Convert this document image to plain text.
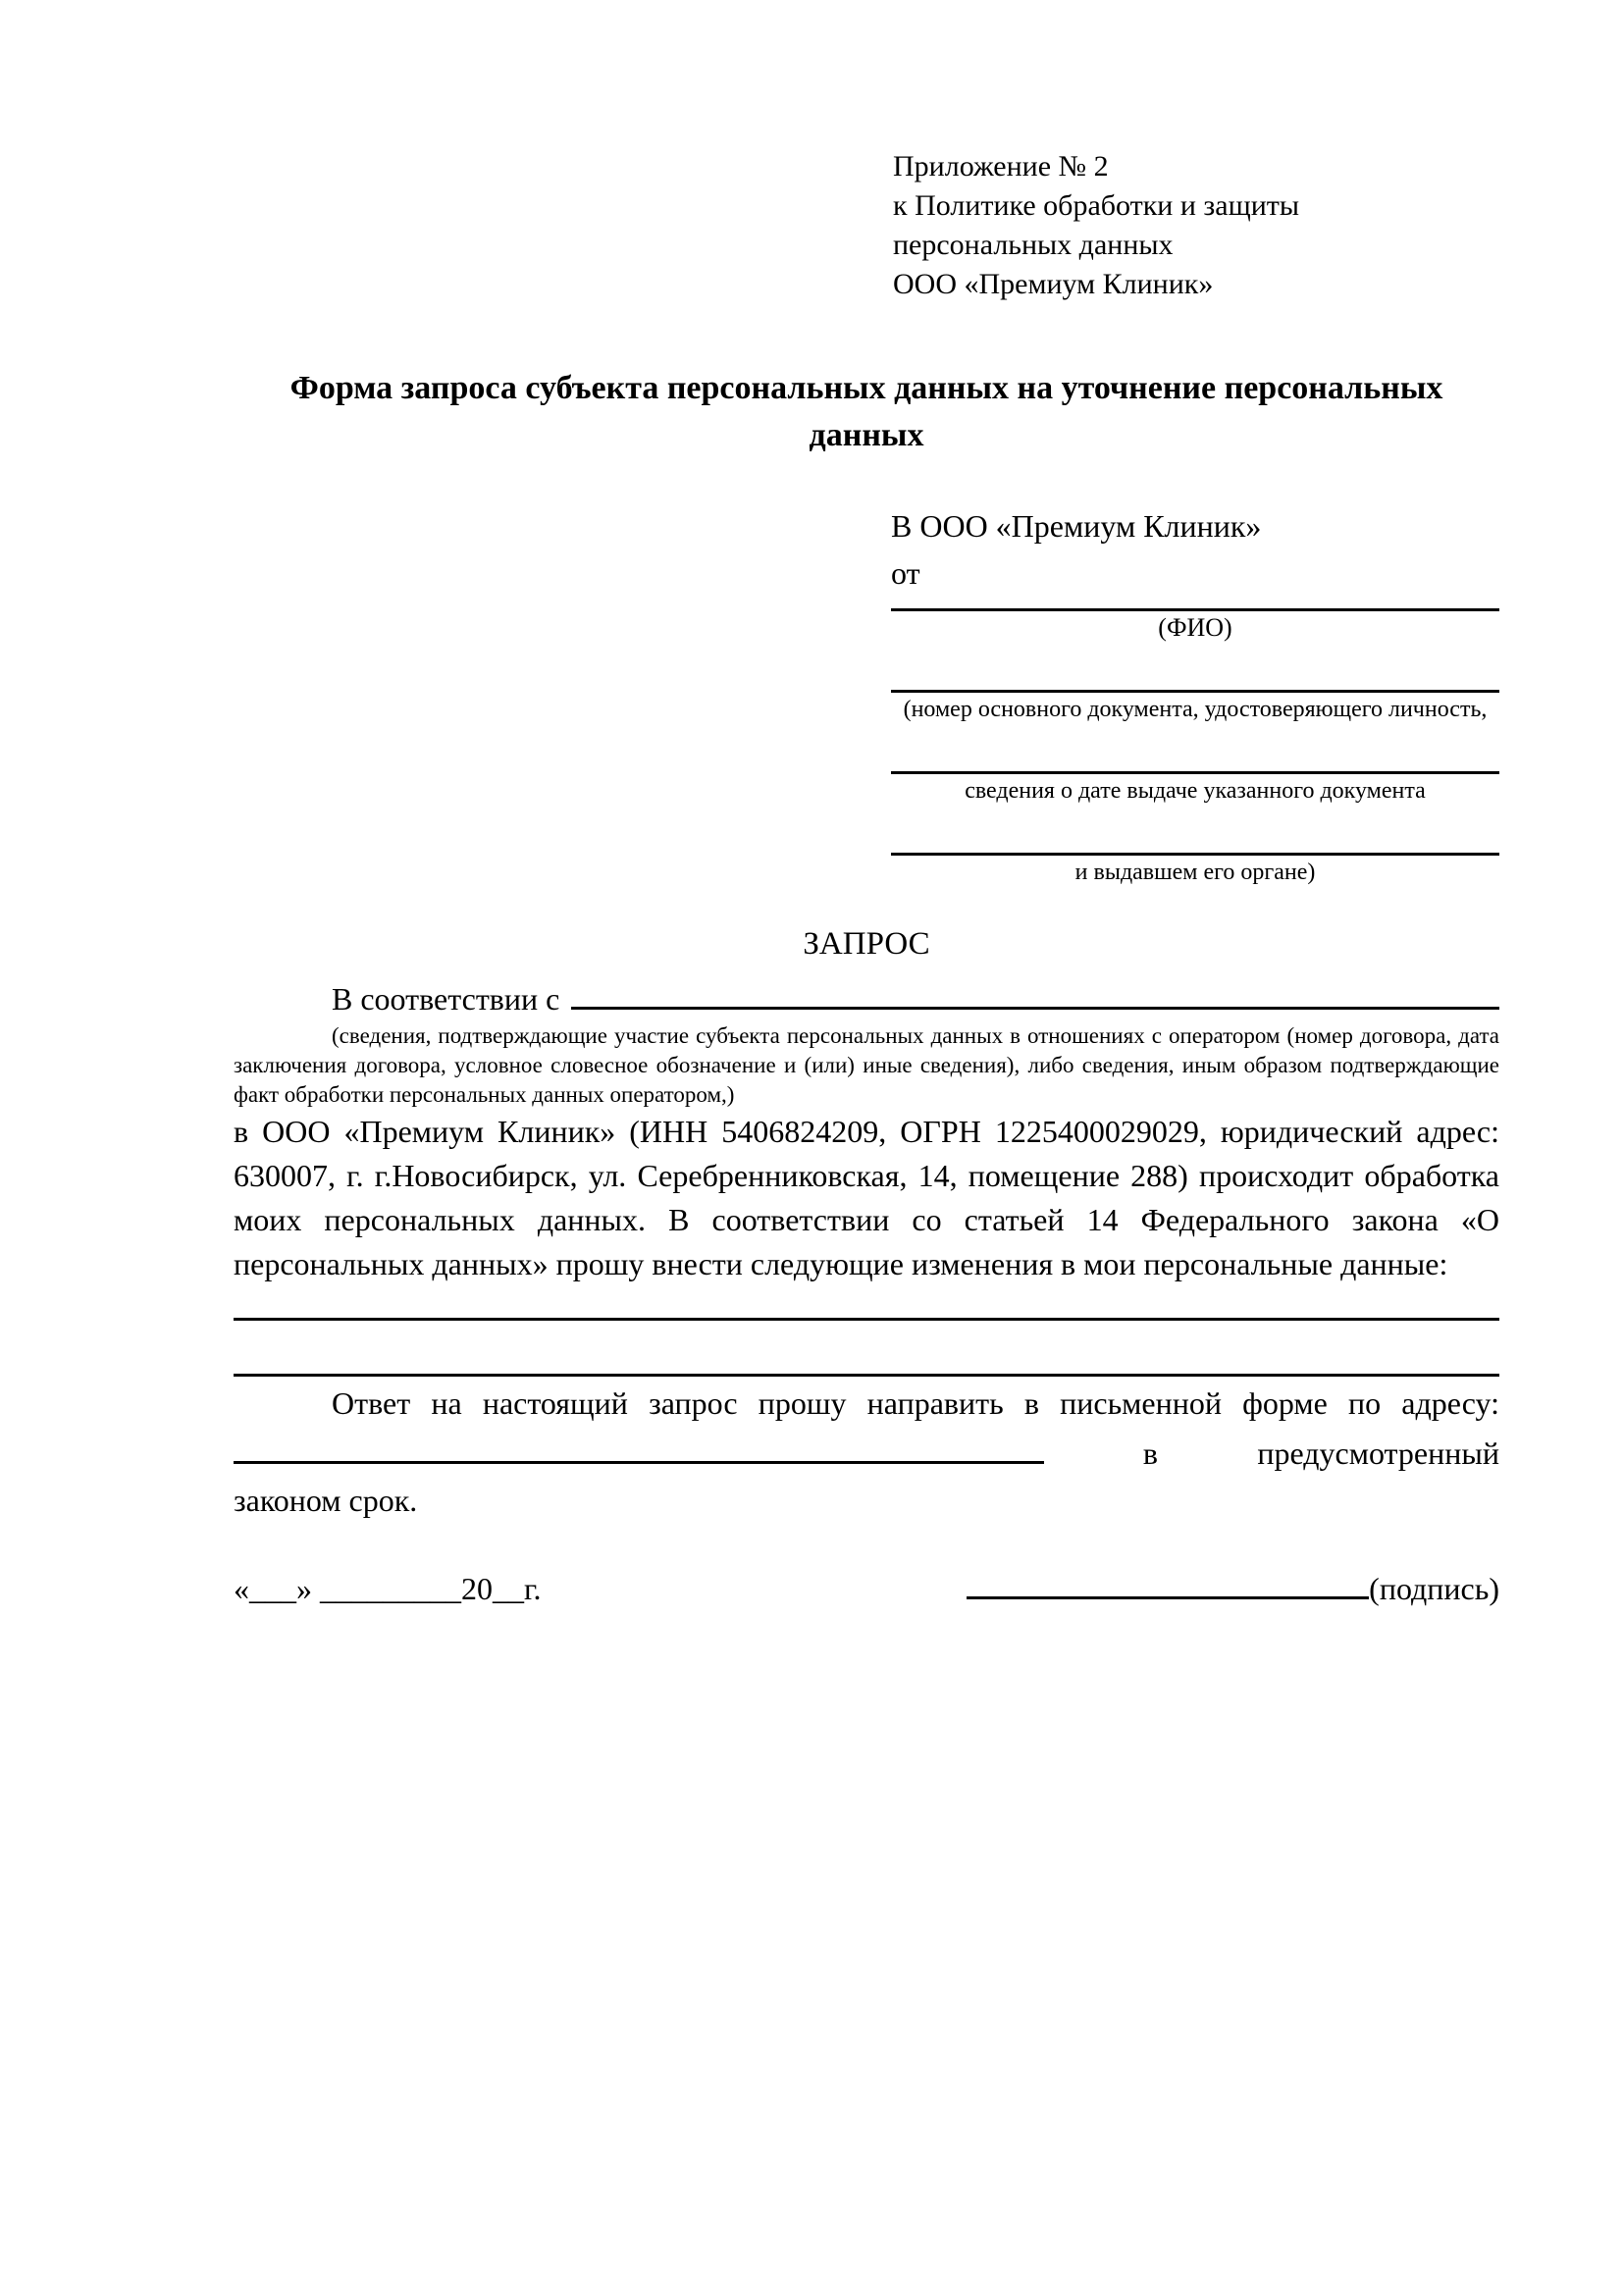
Приложение № 2
к Политике обработки и защиты
персональных данных
ООО «Премиум Клиник»
Форма запроса субъекта персональных данных на уточнение персональных данных
В ООО «Премиум Клиник»
от
(ФИО)
(номер основного документа, удостоверяющего личность,
сведения о дате выдаче указанного документа
и выдавшем его органе)
ЗАПРОС
В соответствии с
(сведения, подтверждающие участие субъекта персональных данных в отношениях с оператором (номер договора, дата заключения договора, условное словесное обозначение и (или) иные сведения), либо сведения, иным образом подтверждающие факт обработки персональных данных оператором,)
в ООО «Премиум Клиник» (ИНН 5406824209, ОГРН 1225400029029, юридический адрес: 630007, г. г.Новосибирск, ул. Серебренниковская, 14, помещение 288) происходит обработка моих персональных данных. В соответствии со статьей 14 Федерального закона «О персональных данных» прошу внести следующие изменения в мои персональные данные:
Ответ на настоящий запрос прошу направить в письменной форме по адресу:
в	предусмотренный
законом срок.
«___» _________20__г.	(подпись)
